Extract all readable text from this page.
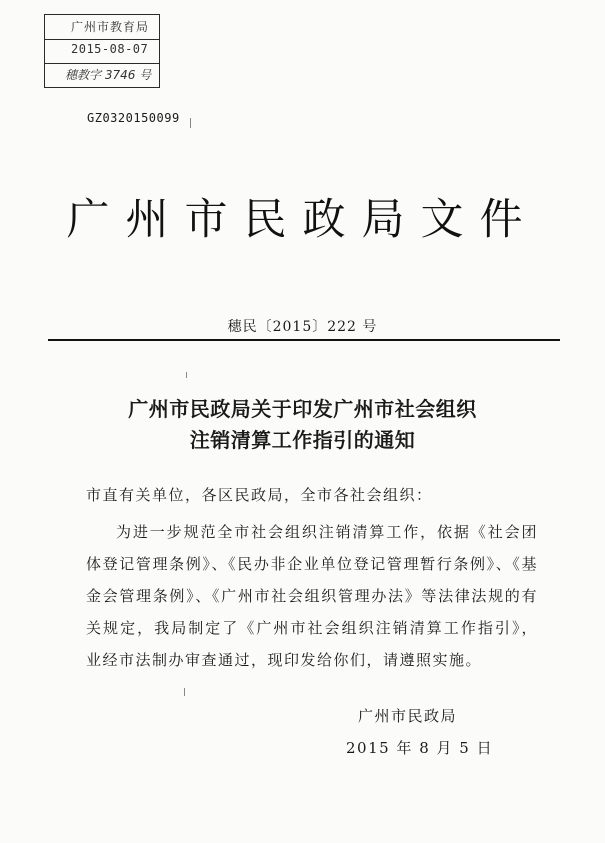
广州市教育局
2015-08-07
穗教字 3746 号
GZ0320150099
广州市民政局文件
穗民〔2015〕222 号
广州市民政局关于印发广州市社会组织
注销清算工作指引的通知
市直有关单位，各区民政局，全市各社会组织：
为进一步规范全市社会组织注销清算工作，依据《社会团体登记管理条例》、《民办非企业单位登记管理暂行条例》、《基金会管理条例》、《广州市社会组织管理办法》等法律法规的有关规定，我局制定了《广州市社会组织注销清算工作指引》，业经市法制办审查通过，现印发给你们，请遵照实施。
广州市民政局
2015 年 8 月 5 日
